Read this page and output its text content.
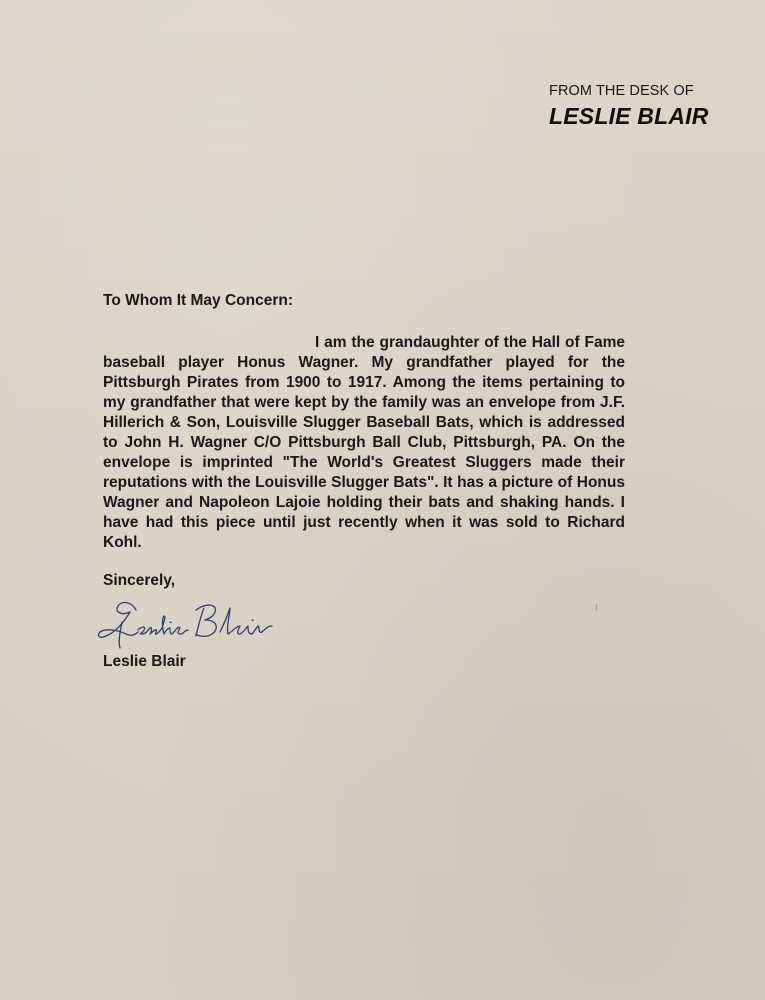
FROM THE DESK OF
LESLIE BLAIR
To Whom It May Concern:

I am the grandaughter of the Hall of Fame baseball player Honus Wagner. My grandfather played for the Pittsburgh Pirates from 1900 to 1917. Among the items pertaining to my grandfather that were kept by the family was an envelope from J.F. Hillerich & Son, Louisville Slugger Baseball Bats, which is addressed to John H. Wagner C/O Pittsburgh Ball Club, Pittsburgh, PA. On the envelope is imprinted "The World's Greatest Sluggers made their reputations with the Louisville Slugger Bats". It has a picture of Honus Wagner and Napoleon Lajoie holding their bats and shaking hands. I have had this piece until just recently when it was sold to Richard Kohl.

Sincerely,
Leslie Blair
